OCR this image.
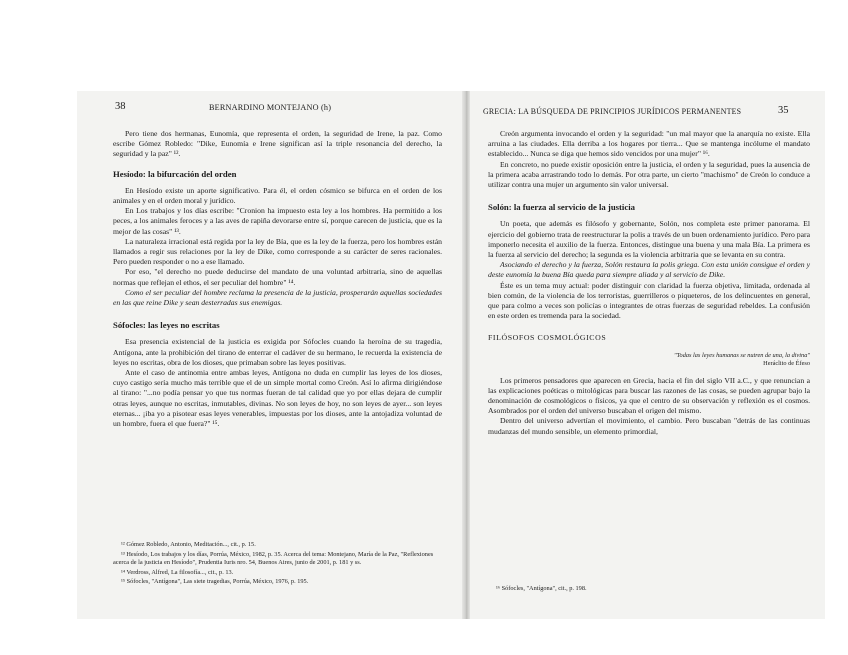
38	BERNARDINO MONTEJANO (h)

Pero tiene dos hermanas, Eunomía, que representa el orden, la seguridad de Irene, la paz. Como escribe Gómez Robledo: "Dike, Eunomía e Irene significan así la triple resonancia del derecho, la seguridad y la paz" ¹².

Hesíodo: la bifurcación del orden

En Hesíodo existe un aporte significativo. Para él, el orden cósmico se bifurca en el orden de los animales y en el orden moral y jurídico.

En Los trabajos y los días escribe: "Cronion ha impuesto esta ley a los hombres. Ha permitido a los peces, a los animales feroces y a las aves de rapiña devorarse entre sí, porque carecen de justicia, que es la mejor de las cosas" ¹³.

La naturaleza irracional está regida por la ley de Bía, que es la ley de la fuerza, pero los hombres están llamados a regir sus relaciones por la ley de Dike, como corresponde a su carácter de seres racionales. Pero pueden responder o no a ese llamado.

Por eso, "el derecho no puede deducirse del mandato de una voluntad arbitraria, sino de aquellas normas que reflejan el ethos, el ser peculiar del hombre" ¹⁴.

Como el ser peculiar del hombre reclama la presencia de la justicia, prosperarán aquellas sociedades en las que reine Dike y sean desterradas sus enemigas.

Sófocles: las leyes no escritas

Esa presencia existencial de la justicia es exigida por Sófocles cuando la heroína de su tragedia, Antígona, ante la prohibición del tirano de enterrar el cadáver de su hermano, le recuerda la existencia de leyes no escritas, obra de los dioses, que primaban sobre las leyes positivas.

Ante el caso de antinomia entre ambas leyes, Antígona no duda en cumplir las leyes de los dioses, cuyo castigo sería mucho más terrible que el de un simple mortal como Creón. Así lo afirma dirigiéndose al tirano: "...no podía pensar yo que tus normas fueran de tal calidad que yo por ellas dejara de cumplir otras leyes, aunque no escritas, inmutables, divinas. No son leyes de hoy, no son leyes de ayer... son leyes eternas... ¡iba yo a pisotear esas leyes venerables, impuestas por los dioses, ante la antojadiza voluntad de un hombre, fuera el que fuera?" ¹⁵.

¹² Gómez Robledo, Antonio, Meditación..., cit., p. 15.

¹³ Hesíodo, Los trabajos y los días, Porrúa, México, 1982, p. 35. Acerca del tema: Montejano, María de la Paz, "Reflexiones acerca de la justicia en Hesíodo", Prudentia Iuris nro. 54, Buenos Aires, junio de 2001, p. 181 y ss.

¹⁴ Verdross, Alfred, La filosofía..., cit., p. 13.

¹⁵ Sófocles, "Antígona", Las siete tragedias, Porrúa, México, 1976, p. 195.

GRECIA: LA BÚSQUEDA DE PRINCIPIOS JURÍDICOS PERMANENTES	35

Creón argumenta invocando el orden y la seguridad: "un mal mayor que la anarquía no existe. Ella arruina a las ciudades. Ella derriba a los hogares por tierra... Que se mantenga incólume el mandato establecido... Nunca se diga que hemos sido vencidos por una mujer" ¹⁶.

En concreto, no puede existir oposición entre la justicia, el orden y la seguridad, pues la ausencia de la primera acaba arrastrando todo lo demás. Por otra parte, un cierto "machismo" de Creón lo conduce a utilizar contra una mujer un argumento sin valor universal.

Solón: la fuerza al servicio de la justicia

Un poeta, que además es filósofo y gobernante, Solón, nos completa este primer panorama. El ejercicio del gobierno trata de reestructurar la polis a través de un buen ordenamiento jurídico. Pero para imponerlo necesita el auxilio de la fuerza. Entonces, distingue una buena y una mala Bía. La primera es la fuerza al servicio del derecho; la segunda es la violencia arbitraria que se levanta en su contra.

Asociando el derecho y la fuerza, Solón restaura la polis griega. Con esta unión consigue el orden y deste eunomía la buena Bía queda para siempre aliada y al servicio de Dike.

Éste es un tema muy actual: poder distinguir con claridad la fuerza objetiva, limitada, ordenada al bien común, de la violencia de los terroristas, guerrilleros o piqueteros, de los delincuentes en general, que para colmo a veces son policías o integrantes de otras fuerzas de seguridad rebeldes. La confusión en este orden es tremenda para la sociedad.

FILÓSOFOS COSMOLÓGICOS
"Todas las leyes humanas se nutren de una, la divina"
Heráclito de Éfeso

Los primeros pensadores que aparecen en Grecia, hacia el fin del siglo VII a.C., y que renuncian a las explicaciones poéticas o mitológicas para buscar las razones de las cosas, se pueden agrupar bajo la denominación de cosmológicos o físicos, ya que el centro de su observación y reflexión es el cosmos. Asombrados por el orden del universo buscaban el origen del mismo.

Dentro del universo advertían el movimiento, el cambio. Pero buscaban "detrás de las continuas mudanzas del mundo sensible, un elemento primordial,

¹⁶ Sófocles, "Antígona", cit., p. 198.
